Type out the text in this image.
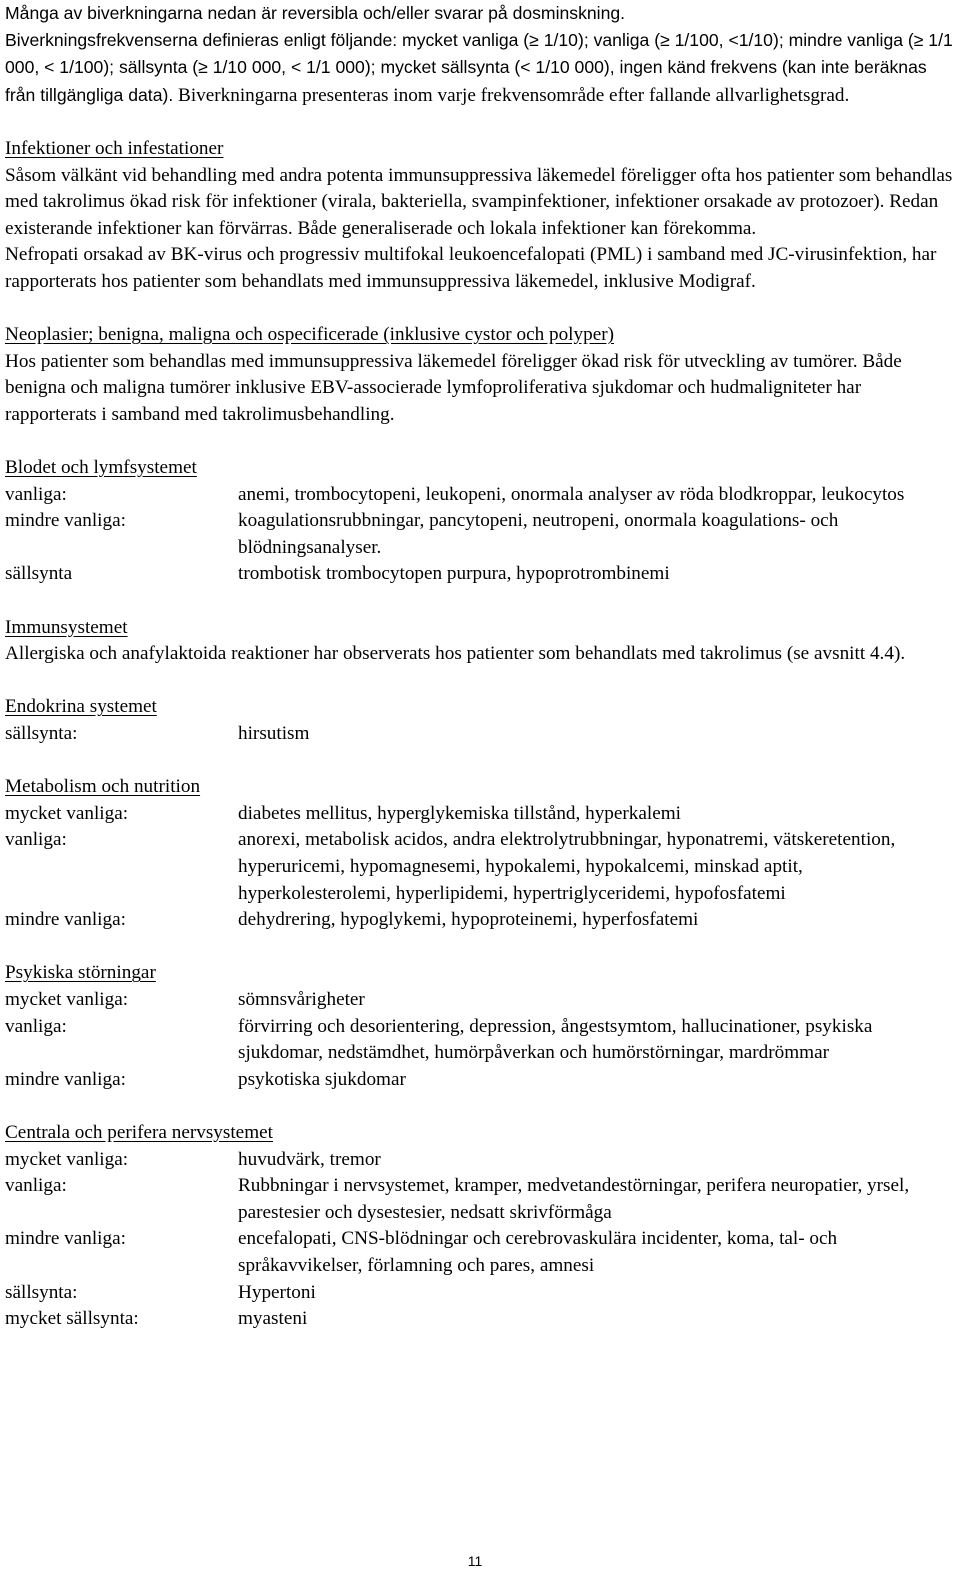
Många av biverkningarna nedan är reversibla och/eller svarar på dosminskning.

Biverkningsfrekvenserna definieras enligt följande: mycket vanliga (≥ 1/10); vanliga (≥ 1/100, <1/10); mindre vanliga (≥ 1/1 000, < 1/100); sällsynta (≥ 1/10 000, < 1/1 000); mycket sällsynta (< 1/10 000), ingen känd frekvens (kan inte beräknas från tillgängliga data). Biverkningarna presenteras inom varje frekvensområde efter fallande allvarlighetsgrad.

Infektioner och infestationer

Såsom välkänt vid behandling med andra potenta immunsuppressiva läkemedel föreligger ofta hos patienter som behandlas med takrolimus ökad risk för infektioner (virala, bakteriella, svampinfektioner, infektioner orsakade av protozoer). Redan existerande infektioner kan förvärras. Både generaliserade och lokala infektioner kan förekomma.

Nefropati orsakad av BK-virus och progressiv multifokal leukoencefalopati (PML) i samband med JC-virusinfektion, har rapporterats hos patienter som behandlats med immunsuppressiva läkemedel, inklusive Modigraf.

Neoplasier; benigna, maligna och ospecificerade (inklusive cystor och polyper)

Hos patienter som behandlas med immunsuppressiva läkemedel föreligger ökad risk för utveckling av tumörer. Både benigna och maligna tumörer inklusive EBV-associerade lymfoproliferativa sjukdomar och hudmaligniteter har rapporterats i samband med takrolimusbehandling.

Blodet och lymfsystemet

vanliga:	anemi, trombocytopeni, leukopeni, onormala analyser av röda blodkroppar, leukocytos
mindre vanliga:	koagulationsrubbningar, pancytopeni, neutropeni, onormala koagulations- och blödningsanalyser.
sällsynta	trombotisk trombocytopen purpura, hypoprotrombinemi

Immunsystemet

Allergiska och anafylaktoida reaktioner har observerats hos patienter som behandlats med takrolimus (se avsnitt 4.4).

Endokrina systemet

sällsynta:	hirsutism

Metabolism och nutrition

mycket vanliga:	diabetes mellitus, hyperglykemiska tillstånd, hyperkalemi
vanliga:	anorexi, metabolisk acidos, andra elektrolytrubbningar, hyponatremi, vätskeretention, hyperuricemi, hypomagnesemi, hypokalemi, hypokalcemi, minskad aptit, hyperkolesterolemi, hyperlipidemi, hypertriglyceridemi, hypofosfatemi
mindre vanliga:	dehydrering, hypoglykemi, hypoproteinemi, hyperfosfatemi

Psykiska störningar

mycket vanliga:	sömnsvårigheter
vanliga:	förvirring och desorientering, depression, ångestsymtom, hallucinationer, psykiska sjukdomar, nedstämdhet, humörpåverkan och humörstörningar, mardrömmar
mindre vanliga:	psykotiska sjukdomar

Centrala och perifera nervsystemet

mycket vanliga:	huvudvärk, tremor
vanliga:	Rubbningar i nervsystemet, kramper, medvetandestörningar, perifera neuropatier, yrsel, parestesier och dysestesier, nedsatt skrivförmåga
mindre vanliga:	encefalopati, CNS-blödningar och cerebrovaskulära incidenter, koma, tal- och språkavvikelser, förlamning och pares, amnesi
sällsynta:	Hypertoni
mycket sällsynta:	myasteni
11
